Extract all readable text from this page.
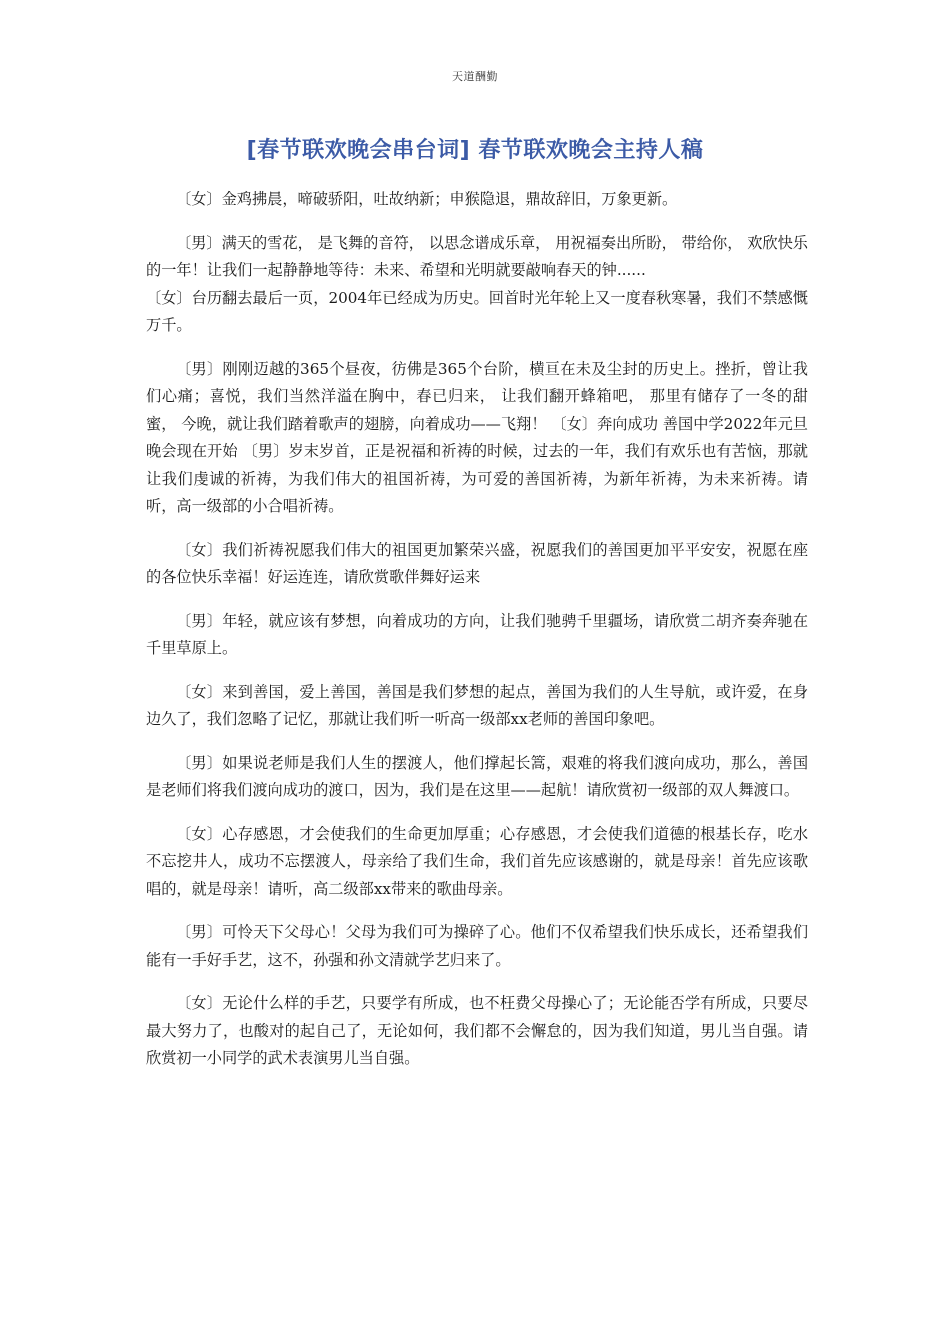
天道酬勤
[春节联欢晚会串台词] 春节联欢晚会主持人稿

〔女〕金鸡拂晨，啼破骄阳，吐故纳新；申猴隐退，鼎故辞旧，万象更新。

〔男〕满天的雪花， 是飞舞的音符， 以思念谱成乐章， 用祝福奏出所盼， 带给你， 欢欣快乐的一年！让我们一起静静地等待：未来、希望和光明就要敲响春天的钟......

〔女〕台历翻去最后一页，2004年已经成为历史。回首时光年轮上又一度春秋寒暑，我们不禁感慨万千。

〔男〕刚刚迈越的365个昼夜，彷佛是365个台阶，横亘在未及尘封的历史上。挫折，曾让我们心痛；喜悦，我们当然洋溢在胸中，春已归来， 让我们翻开蜂箱吧， 那里有储存了一冬的甜蜜， 今晚，就让我们踏着歌声的翅膀，向着成功——飞翔！ 〔女〕奔向成功 善国中学2022年元旦晚会现在开始 〔男〕岁末岁首，正是祝福和祈祷的时候，过去的一年，我们有欢乐也有苦恼，那就让我们虔诚的祈祷，为我们伟大的祖国祈祷，为可爱的善国祈祷，为新年祈祷，为未来祈祷。请听，高一级部的小合唱祈祷。

〔女〕我们祈祷祝愿我们伟大的祖国更加繁荣兴盛，祝愿我们的善国更加平平安安，祝愿在座的各位快乐幸福！好运连连，请欣赏歌伴舞好运来

〔男〕年轻，就应该有梦想，向着成功的方向，让我们驰骋千里疆场，请欣赏二胡齐奏奔驰在千里草原上。

〔女〕来到善国，爱上善国，善国是我们梦想的起点，善国为我们的人生导航，或许爱，在身边久了，我们忽略了记忆，那就让我们听一听高一级部xx老师的善国印象吧。

〔男〕如果说老师是我们人生的摆渡人，他们撑起长篙，艰难的将我们渡向成功，那么，善国是老师们将我们渡向成功的渡口，因为，我们是在这里——起航！请欣赏初一级部的双人舞渡口。

〔女〕心存感恩，才会使我们的生命更加厚重；心存感恩，才会使我们道德的根基长存，吃水不忘挖井人，成功不忘摆渡人，母亲给了我们生命，我们首先应该感谢的，就是母亲！首先应该歌唱的，就是母亲！请听，高二级部xx带来的歌曲母亲。

〔男〕可怜天下父母心！父母为我们可为操碎了心。他们不仅希望我们快乐成长，还希望我们能有一手好手艺，这不，孙强和孙文清就学艺归来了。

〔女〕无论什么样的手艺，只要学有所成，也不枉费父母操心了；无论能否学有所成，只要尽最大努力了，也酸对的起自己了，无论如何，我们都不会懈怠的，因为我们知道，男儿当自强。请欣赏初一小同学的武术表演男儿当自强。
